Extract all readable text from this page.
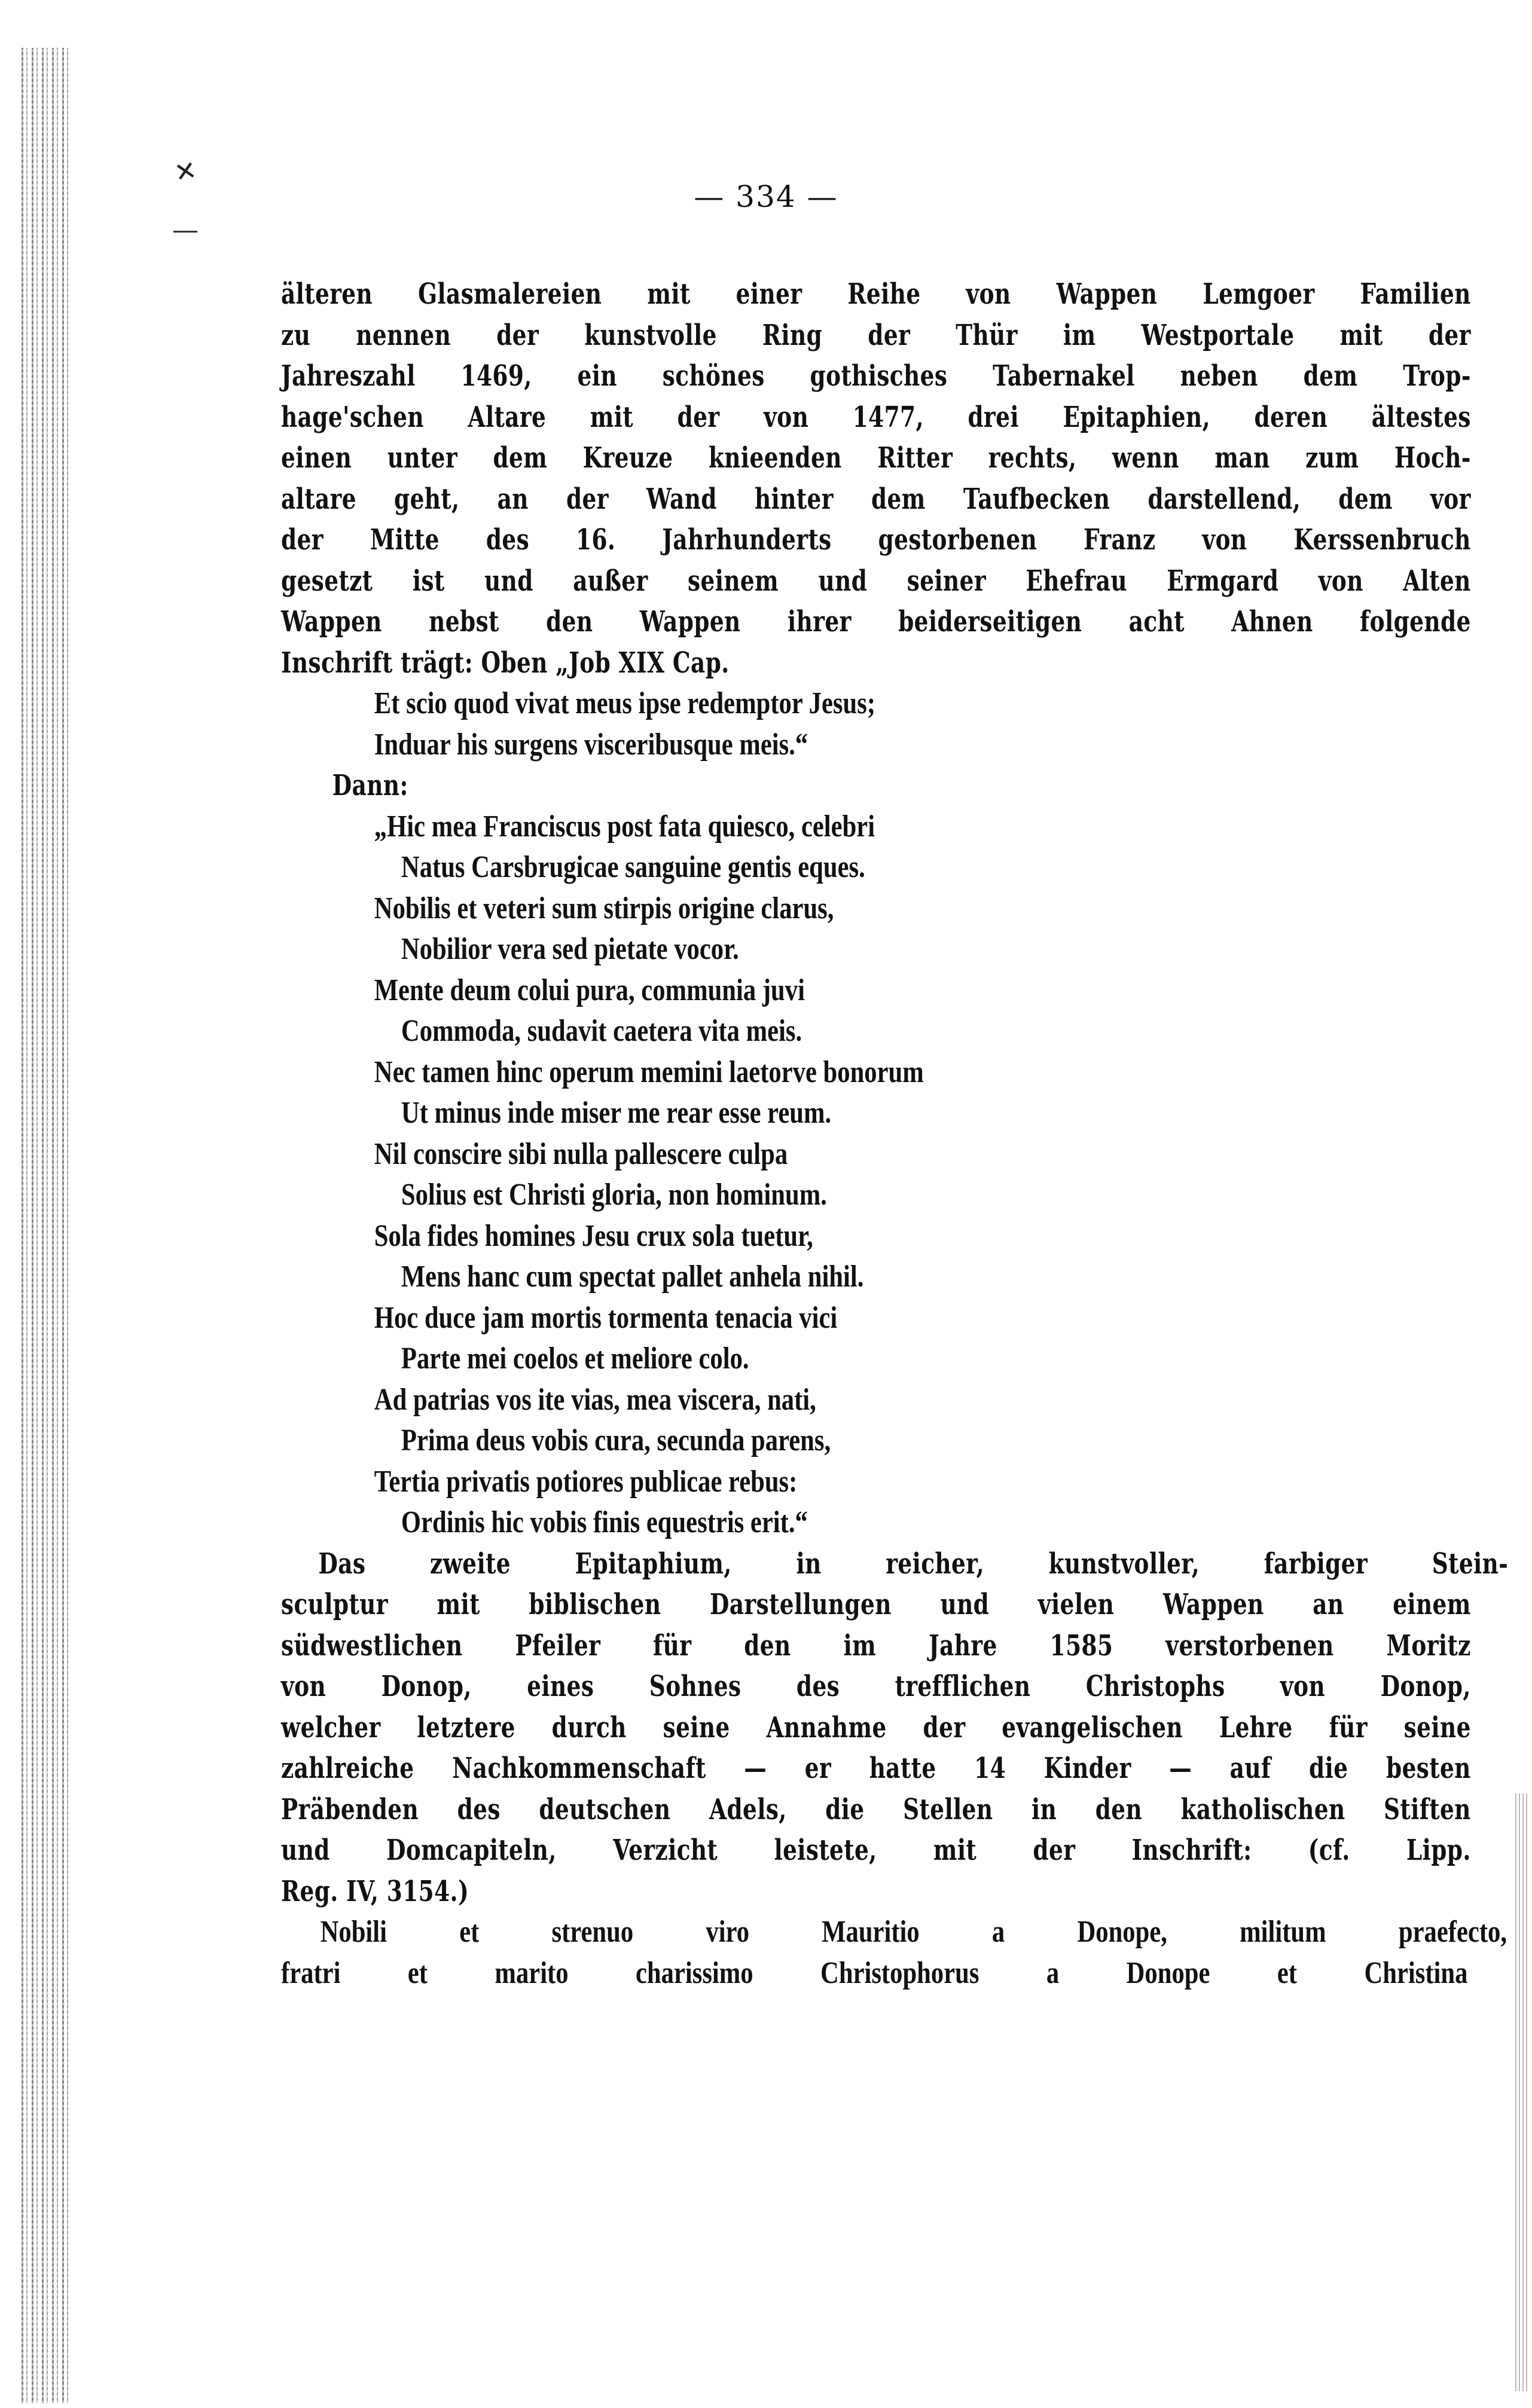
✕
— 334 —
älteren Glasmalereien mit einer Reihe von Wappen Lemgoer Familien
zu nennen der kunstvolle Ring der Thür im Westportale mit der
Jahreszahl 1469, ein schönes gothisches Tabernakel neben dem Trop-
hage'schen Altare mit der von 1477, drei Epitaphien, deren ältestes
einen unter dem Kreuze knieenden Ritter rechts, wenn man zum Hoch-
altare geht, an der Wand hinter dem Taufbecken darstellend, dem vor
der Mitte des 16. Jahrhunderts gestorbenen Franz von Kerssenbruch
gesetzt ist und außer seinem und seiner Ehefrau Ermgard von Alten
Wappen nebst den Wappen ihrer beiderseitigen acht Ahnen folgende
Inschrift trägt: Oben „Job XIX Cap.
Et scio quod vivat meus ipse redemptor Jesus;
Induar his surgens visceribusque meis.“
Dann:
„Hic mea Franciscus post fata quiesco, celebri
Natus Carsbrugicae sanguine gentis eques.
Nobilis et veteri sum stirpis origine clarus,
Nobilior vera sed pietate vocor.
Mente deum colui pura, communia juvi
Commoda, sudavit caetera vita meis.
Nec tamen hinc operum memini laetorve bonorum
Ut minus inde miser me rear esse reum.
Nil conscire sibi nulla pallescere culpa
Solius est Christi gloria, non hominum.
Sola fides homines Jesu crux sola tuetur,
Mens hanc cum spectat pallet anhela nihil.
Hoc duce jam mortis tormenta tenacia vici
Parte mei coelos et meliore colo.
Ad patrias vos ite vias, mea viscera, nati,
Prima deus vobis cura, secunda parens,
Tertia privatis potiores publicae rebus:
Ordinis hic vobis finis equestris erit.“
Das zweite Epitaphium, in reicher, kunstvoller, farbiger Stein-
sculptur mit biblischen Darstellungen und vielen Wappen an einem
südwestlichen Pfeiler für den im Jahre 1585 verstorbenen Moritz
von Donop, eines Sohnes des trefflichen Christophs von Donop,
welcher letztere durch seine Annahme der evangelischen Lehre für seine
zahlreiche Nachkommenschaft — er hatte 14 Kinder — auf die besten
Präbenden des deutschen Adels, die Stellen in den katholischen Stiften
und Domcapiteln, Verzicht leistete, mit der Inschrift: (cf. Lipp.
Reg. IV, 3154.)
Nobili et strenuo viro Mauritio a Donope, militum praefecto,
fratri et marito charissimo Christophorus a Donope et Christina
